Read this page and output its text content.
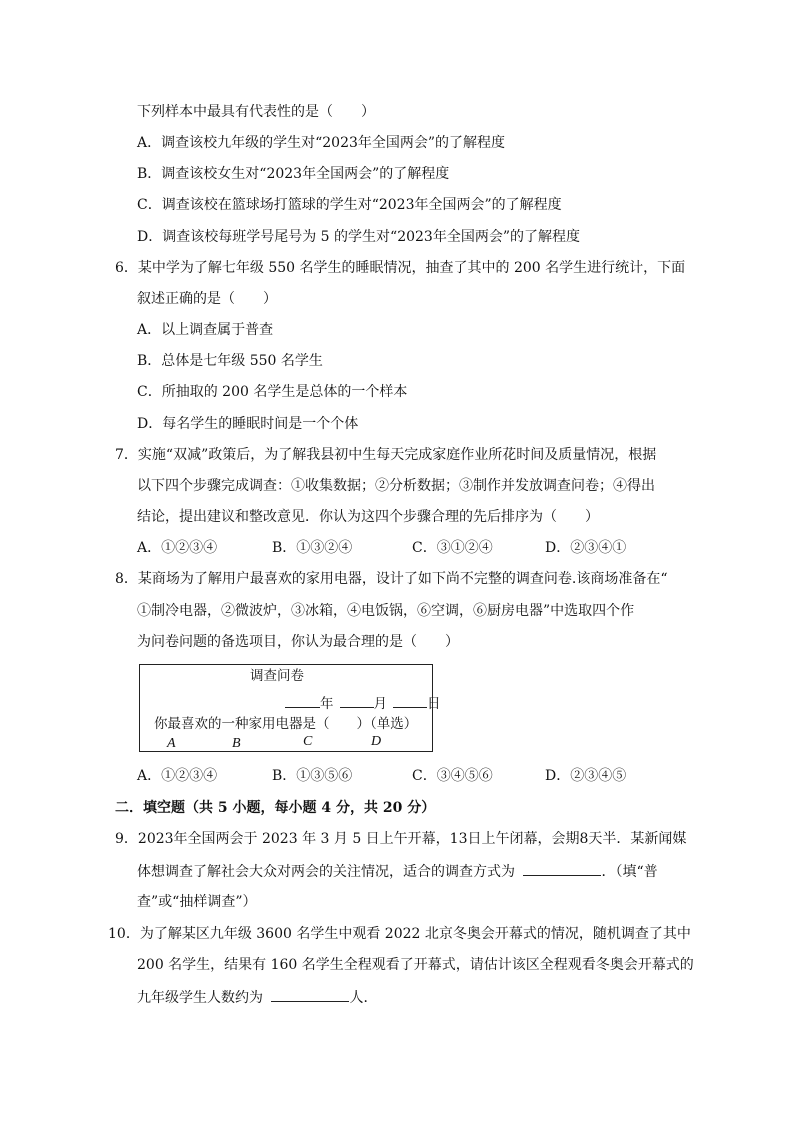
下列样本中最具有代表性的是（　　）
A．调查该校九年级的学生对“2023年全国两会”的了解程度
B．调查该校女生对“2023年全国两会”的了解程度
C．调查该校在篮球场打篮球的学生对“2023年全国两会”的了解程度
D．调查该校每班学号尾号为 5 的学生对“2023年全国两会”的了解程度
6．某中学为了解七年级 550 名学生的睡眠情况，抽查了其中的 200 名学生进行统计，下面
叙述正确的是（　　）
A．以上调查属于普查
B．总体是七年级 550 名学生
C．所抽取的 200 名学生是总体的一个样本
D．每名学生的睡眠时间是一个个体
7．实施“双减”政策后，为了解我县初中生每天完成家庭作业所花时间及质量情况，根据
以下四个步骤完成调查：①收集数据；②分析数据；③制作并发放调查问卷；④得出
结论，提出建议和整改意见．你认为这四个步骤合理的先后排序为（　　）
A．①②③④	B．①③②④	C．③①②④	D．②③④①
8．某商场为了解用户最喜欢的家用电器，设计了如下尚不完整的调查问卷.该商场准备在“
①制冷电器，②微波炉，③冰箱，④电饭锅，⑥空调，⑥厨房电器”中选取四个作
为问卷问题的备选项目，你认为最合理的是（　　）
调查问卷
年	月	日
你最喜欢的一种家用电器是（　　）（单选）
A	B	C	D
A．①②③④	B．①③⑤⑥	C．③④⑤⑥	D．②③④⑤
二．填空题（共 5 小题，每小题 4 分，共 20 分）
9．2023年全国两会于 2023 年 3 月 5 日上午开幕，13日上午闭幕，会期8天半．某新闻媒
体想调查了解社会大众对两会的关注情况，适合的调查方式为	．（填“普
查”或“抽样调查”）
10．为了解某区九年级 3600 名学生中观看 2022 北京冬奥会开幕式的情况，随机调查了其中
200 名学生，结果有 160 名学生全程观看了开幕式，请估计该区全程观看冬奥会开幕式的
九年级学生人数约为	人．
